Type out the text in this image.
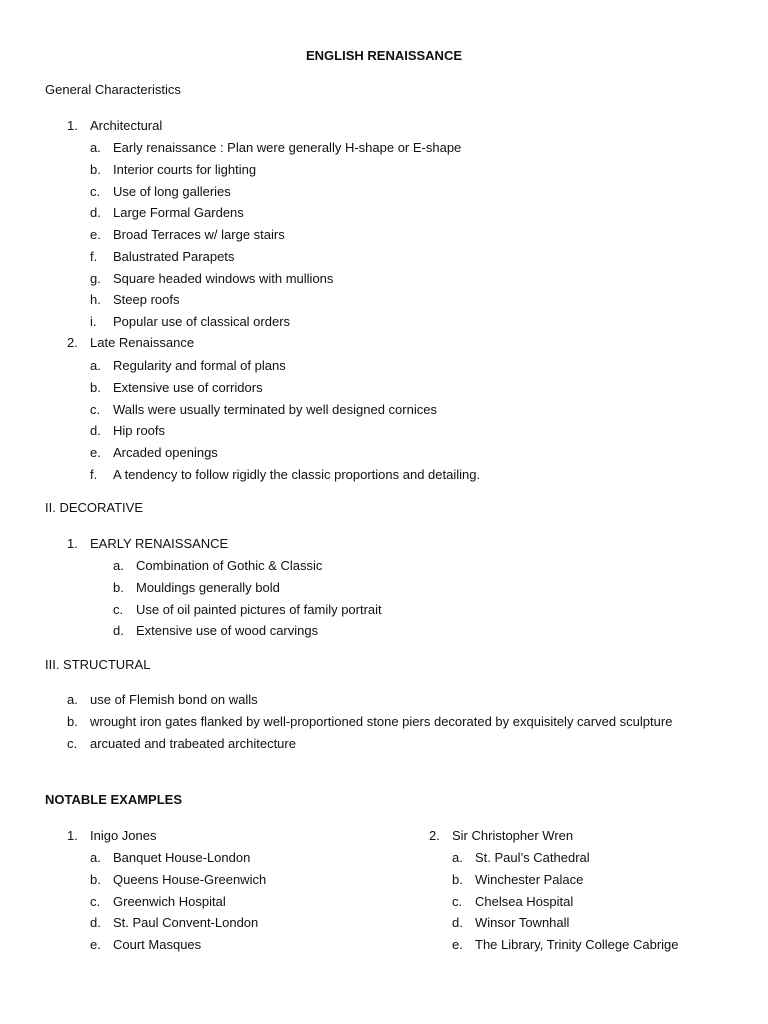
ENGLISH RENAISSANCE
General Characteristics
1. Architectural
a. Early renaissance : Plan were generally H-shape or E-shape
b. Interior courts for lighting
c. Use of long galleries
d. Large Formal Gardens
e. Broad Terraces w/ large stairs
f.	Balustrated Parapets
g. Square headed windows with mullions
h. Steep roofs
i.	Popular use of classical orders
2. Late Renaissance
a. Regularity and formal of plans
b. Extensive use of corridors
c. Walls were usually terminated by well designed cornices
d. Hip roofs
e. Arcaded openings
f.	A tendency to follow rigidly the classic proportions and detailing.
II. DECORATIVE
1. EARLY RENAISSANCE
a. Combination of Gothic & Classic
b. Mouldings generally bold
c. Use of oil painted pictures of family portrait
d. Extensive use of wood carvings
III. STRUCTURAL
a. use of Flemish bond on walls
b. wrought iron gates flanked by well-proportioned stone piers decorated by exquisitely carved sculpture
c. arcuated and trabeated architecture
NOTABLE EXAMPLES
1. Inigo Jones
a. Banquet House-London
b. Queens House-Greenwich
c. Greenwich Hospital
d. St. Paul Convent-London
e. Court Masques
2. Sir Christopher Wren
a. St. Paul’s Cathedral
b. Winchester Palace
c. Chelsea Hospital
d. Winsor Townhall
e. The Library, Trinity College Cabrige
